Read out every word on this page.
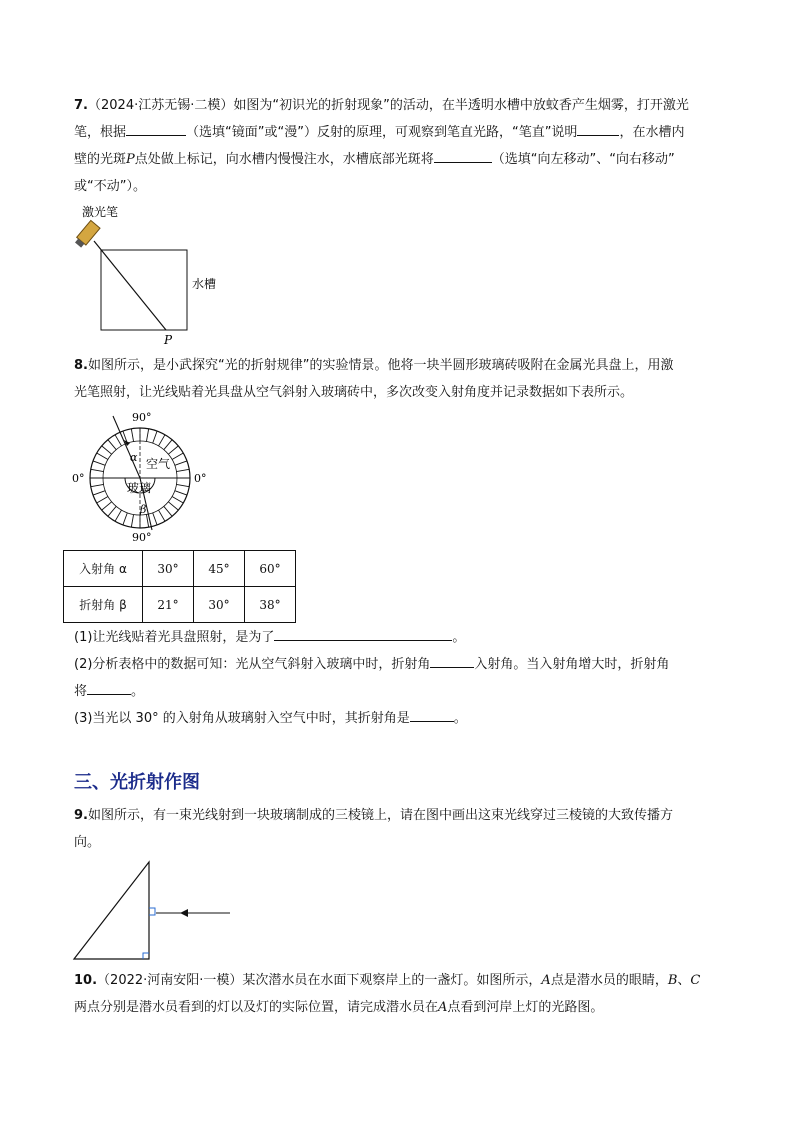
7.（2024·江苏无锡·二模）如图为“初识光的折射现象”的活动，在半透明水槽中放蚊香产生烟雾，打开激光
笔，根据	（选填“镜面”或“漫”）反射的原理，可观察到笔直光路，“笔直”说明	，在水槽内
壁的光斑P点处做上标记，向水槽内慢慢注水，水槽底部光斑将	（选填“向左移动”、“向右移动”
或“不动”）。
激光笔
水槽
P
8.如图所示，是小武探究“光的折射规律”的实验情景。他将一块半圆形玻璃砖吸附在金属光具盘上，用激
光笔照射，让光线贴着光具盘从空气斜射入玻璃砖中，多次改变入射角度并记录数据如下表所示。
90°
90°
0°	0°
空气
玻璃
α
β
入射角 α	30°	45°	60°
折射角 β	21°	30°	38°
(1)让光线贴着光具盘照射，是为了	。
(2)分析表格中的数据可知：光从空气斜射入玻璃中时，折射角	入射角。当入射角增大时，折射角
将	。
(3)当光以 30° 的入射角从玻璃射入空气中时，其折射角是	。
三、光折射作图
9.如图所示，有一束光线射到一块玻璃制成的三棱镜上，请在图中画出这束光线穿过三棱镜的大致传播方
向。
10.（2022·河南安阳·一模）某次潜水员在水面下观察岸上的一盏灯。如图所示，A点是潜水员的眼睛，B、C
两点分别是潜水员看到的灯以及灯的实际位置，请完成潜水员在A点看到河岸上灯的光路图。
